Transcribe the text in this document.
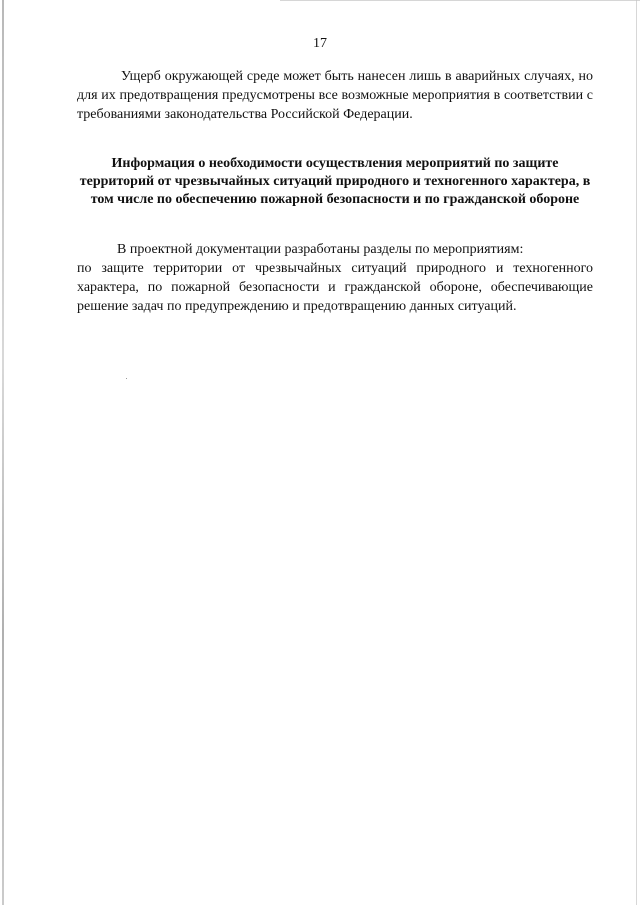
17

Ущерб окружающей среде может быть нанесен лишь в аварийных случаях, но для их предотвращения предусмотрены все возможные мероприятия в соответствии с требованиями законодательства Российской Федерации.

Информация о необходимости осуществления мероприятий по защите территорий от чрезвычайных ситуаций природного и техногенного характера, в том числе по обеспечению пожарной безопасности и по гражданской обороне

В проектной документации разработаны разделы по мероприятиям:
по защите территории от чрезвычайных ситуаций природного и техногенного характера, по пожарной безопасности и гражданской обороне, обеспечивающие решение задач по предупреждению и предотвращению данных ситуаций.
